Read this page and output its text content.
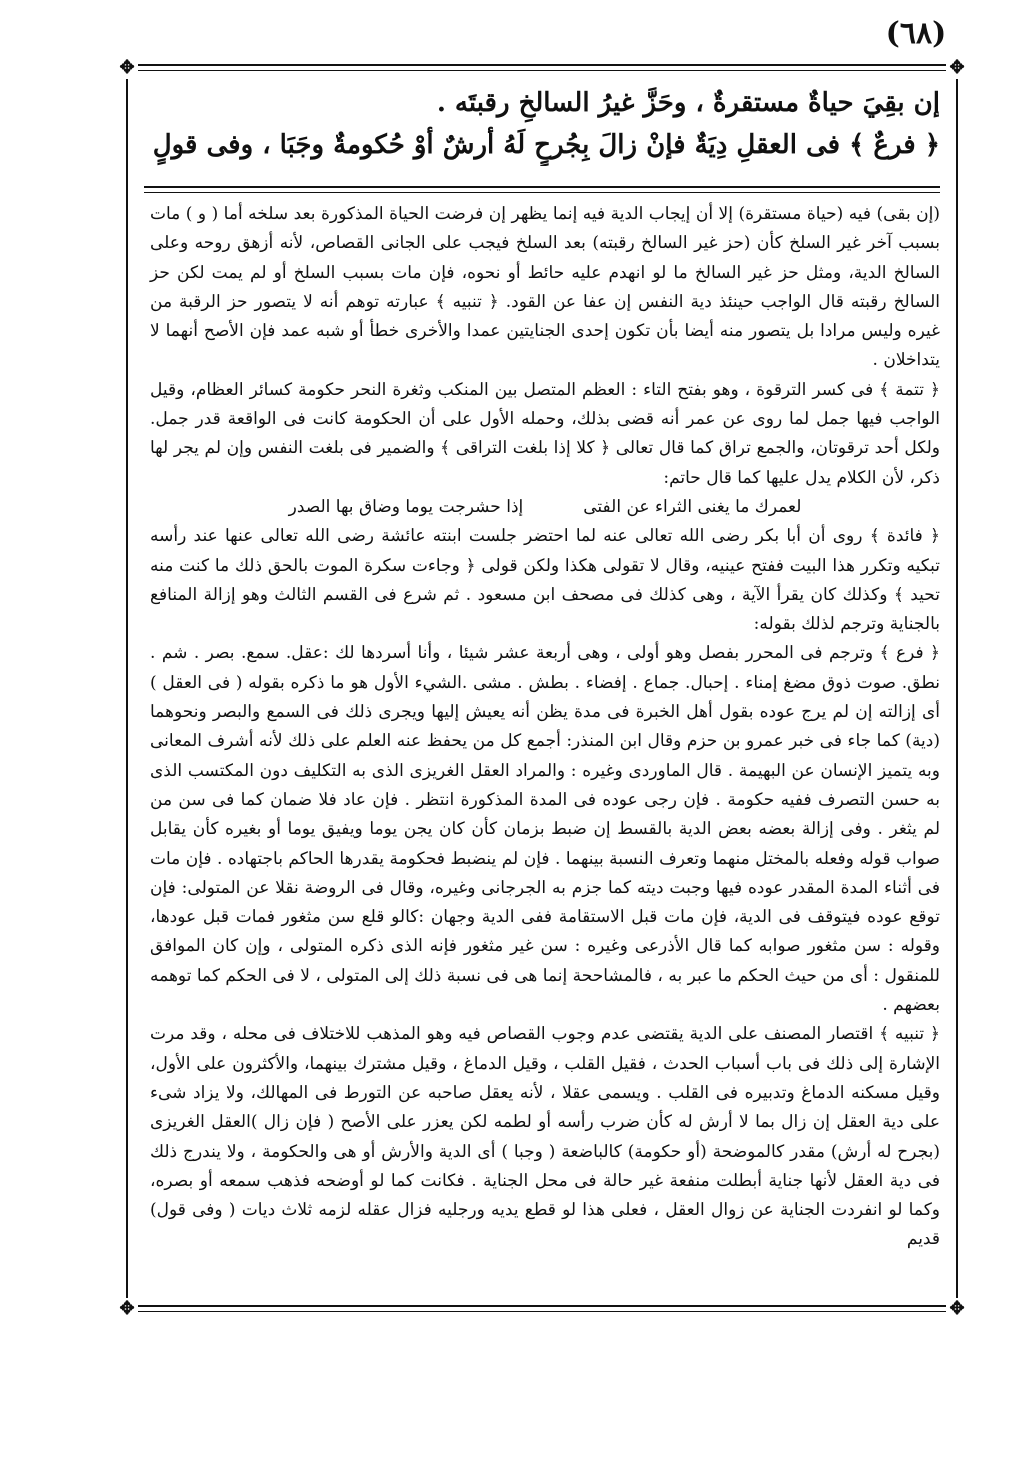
(٦٨)
✥	✥
✥	✥
إن بقِيَ حياةٌ مستقرةٌ ، وحَزَّ غيرُ السالخِ رقبتَه .
﴿ فرعٌ ﴾ فى العقلِ دِيَةٌ فإنْ زالَ بِجُرحٍ لَهُ أرشٌ أوْ حُكومةٌ وجَبَا ، وفى قولٍ

(إن بقى) فيه (حياة مستقرة) إلا أن إيجاب الدية فيه إنما يظهر إن فرضت الحياة المذكورة بعد سلخه أما ( و ) مات بسبب آخر غير السلخ كأن (حز غير السالخ رقبته) بعد السلخ فيجب على الجانى القصاص، لأنه أزهق روحه وعلى السالخ الدية، ومثل حز غير السالخ ما لو انهدم عليه حائط أو نحوه، فإن مات بسبب السلخ أو لم يمت لكن حز السالخ رقبته قال الواجب حينئذ دية النفس إن عفا عن القود. ﴿ تنبيه ﴾ عبارته توهم أنه لا يتصور حز الرقبة من غيره وليس مرادا بل يتصور منه أيضا بأن تكون إحدى الجنايتين عمدا والأخرى خطأ أو شبه عمد فإن الأصح أنهما لا يتداخلان .

﴿ تتمة ﴾ فى كسر الترقوة ، وهو بفتح التاء : العظم المتصل بين المنكب وثغرة النحر حكومة كسائر العظام، وقيل الواجب فيها جمل لما روى عن عمر أنه قضى بذلك، وحمله الأول على أن الحكومة كانت فى الواقعة قدر جمل. ولكل أحد ترقوتان، والجمع تراق كما قال تعالى ﴿ كلا إذا بلغت التراقى ﴾ والضمير فى بلغت النفس وإن لم يجر لها ذكر، لأن الكلام يدل عليها كما قال حاتم:

لعمرك ما يغنى الثراء عن الفتى
إذا حشرجت يوما وضاق بها الصدر

﴿ فائدة ﴾ روى أن أبا بكر رضى الله تعالى عنه لما احتضر جلست ابنته عائشة رضى الله تعالى عنها عند رأسه تبكيه وتكرر هذا البيت ففتح عينيه، وقال لا تقولى هكذا ولكن قولى ﴿ وجاءت سكرة الموت بالحق ذلك ما كنت منه تحيد ﴾ وكذلك كان يقرأ الآية ، وهى كذلك فى مصحف ابن مسعود . ثم شرع فى القسم الثالث وهو إزالة المنافع بالجناية وترجم لذلك بقوله:

﴿ فرع ﴾ وترجم فى المحرر بفصل وهو أولى ، وهى أربعة عشر شيئا ، وأنا أسردها لك :عقل. سمع. بصر . شم . نطق. صوت ذوق مضغ إمناء . إحبال. جماع . إفضاء . بطش . مشى .الشيء الأول هو ما ذكره بقوله ( فى العقل ) أى إزالته إن لم يرج عوده بقول أهل الخبرة فى مدة يظن أنه يعيش إليها ويجرى ذلك فى السمع والبصر ونحوهما (دية) كما جاء فى خبر عمرو بن حزم وقال ابن المنذر: أجمع كل من يحفظ عنه العلم على ذلك لأنه أشرف المعانى وبه يتميز الإنسان عن البهيمة . قال الماوردى وغيره : والمراد العقل الغريزى الذى به التكليف دون المكتسب الذى به حسن التصرف ففيه حكومة . فإن رجى عوده فى المدة المذكورة انتظر . فإن عاد فلا ضمان كما فى سن من لم يثغر . وفى إزالة بعضه بعض الدية بالقسط إن ضبط بزمان كأن كان يجن يوما ويفيق يوما أو بغيره كأن يقابل صواب قوله وفعله بالمختل منهما وتعرف النسبة بينهما . فإن لم ينضبط فحكومة يقدرها الحاكم باجتهاده . فإن مات فى أثناء المدة المقدر عوده فيها وجبت ديته كما جزم به الجرجانى وغيره، وقال فى الروضة نقلا عن المتولى: فإن توقع عوده فيتوقف فى الدية، فإن مات قبل الاستقامة ففى الدية وجهان :كالو قلع سن مثغور فمات قبل عودها، وقوله : سن مثغور صوابه كما قال الأذرعى وغيره : سن غير مثغور فإنه الذى ذكره المتولى ، وإن كان الموافق للمنقول : أى من حيث الحكم ما عبر به ، فالمشاححة إنما هى فى نسبة ذلك إلى المتولى ، لا فى الحكم كما توهمه بعضهم .

﴿ تنبيه ﴾ اقتصار المصنف على الدية يقتضى عدم وجوب القصاص فيه وهو المذهب للاختلاف فى محله ، وقد مرت الإشارة إلى ذلك فى باب أسباب الحدث ، فقيل القلب ، وقيل الدماغ ، وقيل مشترك بينهما، والأكثرون على الأول، وقيل مسكنه الدماغ وتدبيره فى القلب . ويسمى عقلا ، لأنه يعقل صاحبه عن التورط فى المهالك، ولا يزاد شىء على دية العقل إن زال بما لا أرش له كأن ضرب رأسه أو لطمه لكن يعزر على الأصح ( فإن زال )العقل الغريزى (بجرح له أرش) مقدر كالموضحة (أو حكومة) كالباضعة ( وجبا ) أى الدية والأرش أو هى والحكومة ، ولا يندرج ذلك فى دية العقل لأنها جناية أبطلت منفعة غير حالة فى محل الجناية . فكانت كما لو أوضحه فذهب سمعه أو بصره، وكما لو انفردت الجناية عن زوال العقل ، فعلى هذا لو قطع يديه ورجليه فزال عقله لزمه ثلاث ديات ( وفى قول) قديم
